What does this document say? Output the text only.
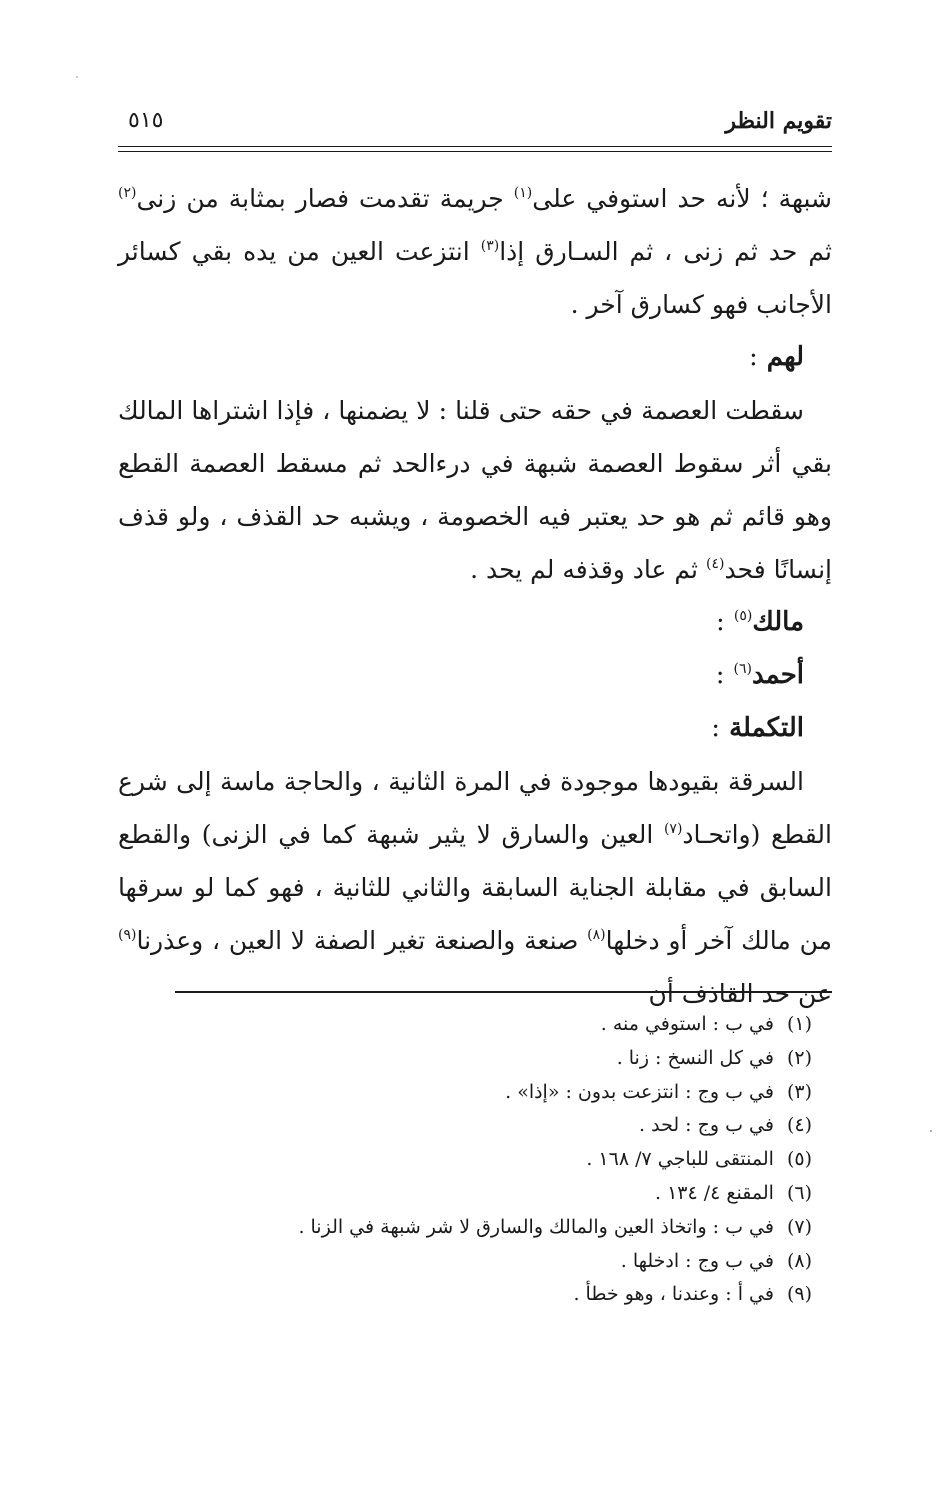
تقويم النظر
٥١٥

شبهة ؛ لأنه حد استوفي على$^{(١)}$ جريمة تقدمت فصار بمثابة من زنى$^{(٢)}$ ثم حد ثم زنى ، ثم السـارق إذا$^{(٣)}$ انتزعت العين من يده بقي كسائر الأجانب فهو كسارق آخر .

لهم :

سقطت العصمة في حقه حتى قلنا : لا يضمنها ، فإذا اشتراها المالك بقي أثر سقوط العصمة شبهة في درءالحد ثم مسقط العصمة القطع وهو قائم ثم هو حد يعتبر فيه الخصومة ، ويشبه حد القذف ، ولو قذف إنسانًا فحد$^{(٤)}$ ثم عاد وقذفه لم يحد .

مالك$^{(٥)}$ :

أحمد$^{(٦)}$ :

التكملة :

السرقة بقيودها موجودة في المرة الثانية ، والحاجة ماسة إلى شرع القطع (واتحـاد$^{(٧)}$ العين والسارق لا يثير شبهة كما في الزنى) والقطع السابق في مقابلة الجناية السابقة والثاني للثانية ، فهو كما لو سرقها من مالك آخر أو دخلها$^{(٨)}$ صنعة والصنعة تغير الصفة لا العين ، وعذرنا$^{(٩)}$ عن حد القاذف أن

(١) في ب : استوفي منه .

(٢) في كل النسخ : زنا .

(٣) في ب وج : انتزعت بدون : «إذا» .

(٤) في ب وج : لحد .

(٥) المنتقى للباجي ٧/ ١٦٨ .

(٦) المقنع ٤/ ١٣٤ .

(٧) في ب : واتخاذ العين والمالك والسارق لا شر شبهة في الزنا .

(٨) في ب وج : ادخلها .

(٩) في أ : وعندنا ، وهو خطأ .
